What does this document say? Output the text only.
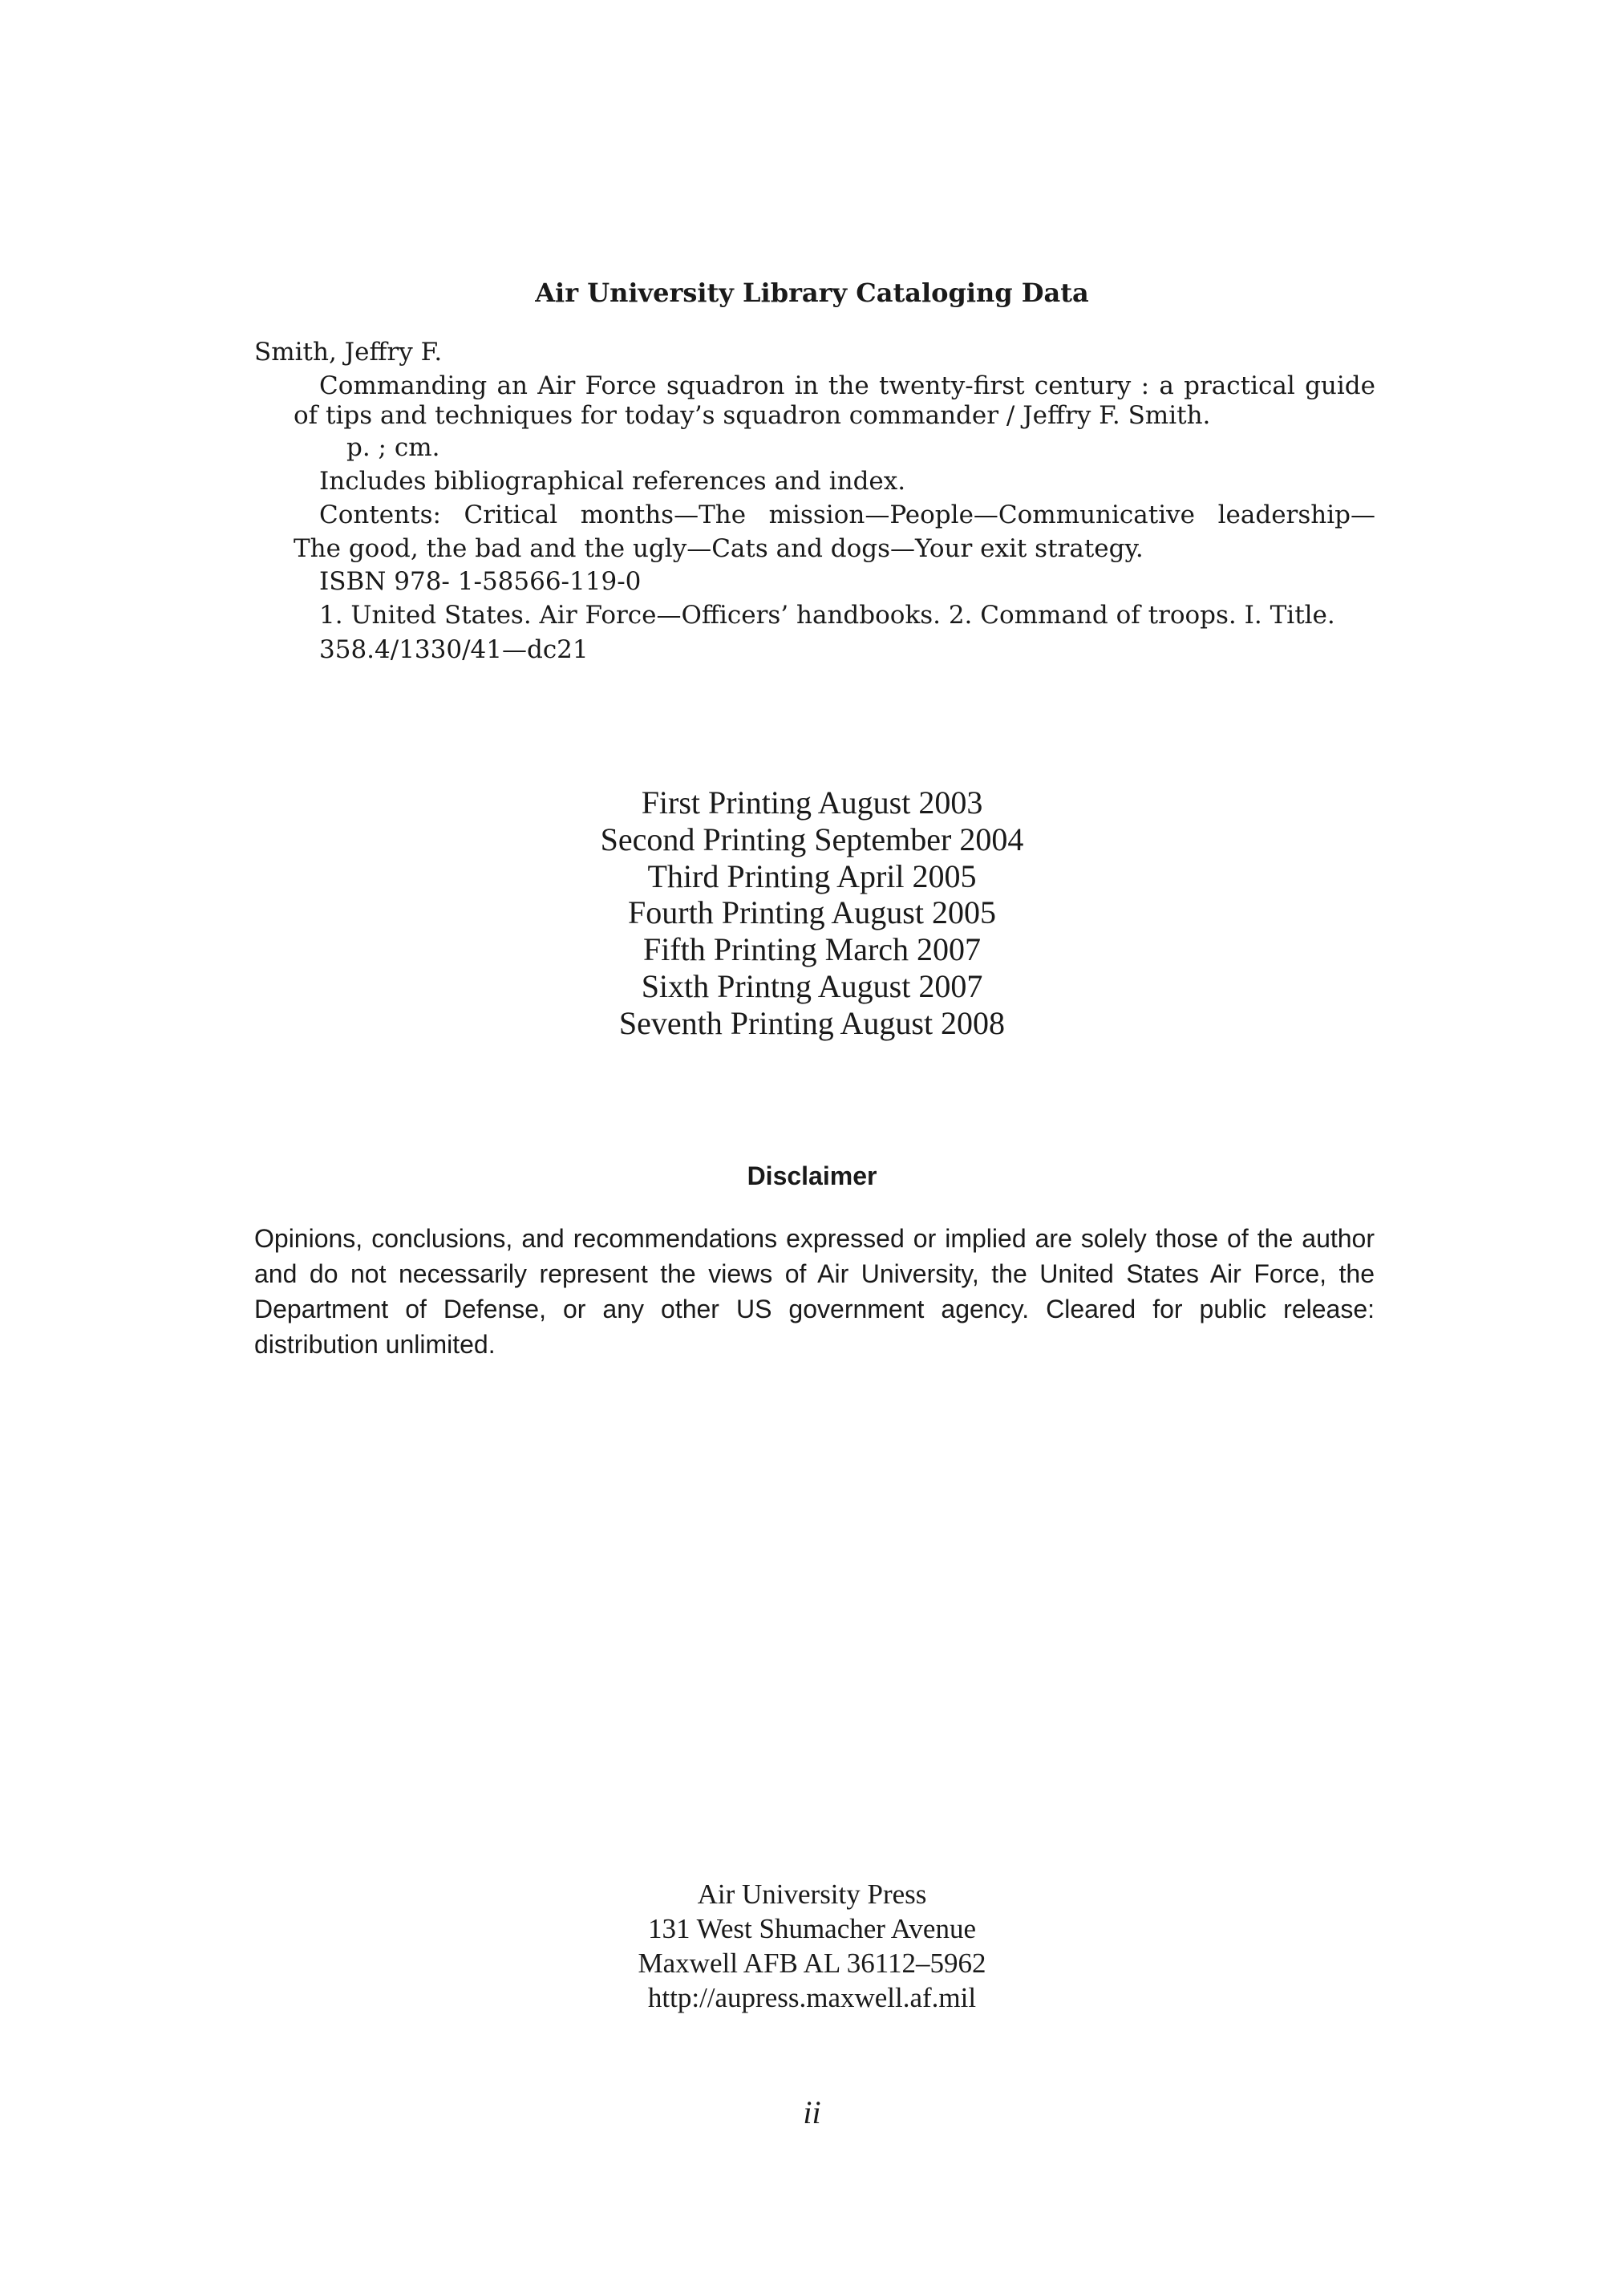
Air University Library Cataloging Data
Smith, Jeffry F.
Commanding an Air Force squadron in the twenty-first century : a practical guide
of tips and techniques for today’s squadron commander / Jeffry F. Smith.
p. ; cm.
Includes bibliographical references and index.
Contents: Critical months—The mission—People—Communicative leadership—
The good, the bad and the ugly—Cats and dogs—Your exit strategy.
ISBN 978- 1-58566-119-0
1. United States. Air Force—Officers’ handbooks. 2. Command of troops. I. Title.
358.4/1330/41—dc21
First Printing August 2003
Second Printing September 2004
Third Printing April 2005
Fourth Printing August 2005
Fifth Printing March 2007
Sixth Printng August 2007
Seventh Printing August 2008
Disclaimer
Opinions, conclusions, and recommendations expressed or implied are solely those of the author and do not necessarily represent the views of Air University, the United States Air Force, the Department of Defense, or any other US government agency. Cleared for public release: distribution unlimited.
Air University Press
131 West Shumacher Avenue
Maxwell AFB AL 36112–5962
http://aupress.maxwell.af.mil
ii
